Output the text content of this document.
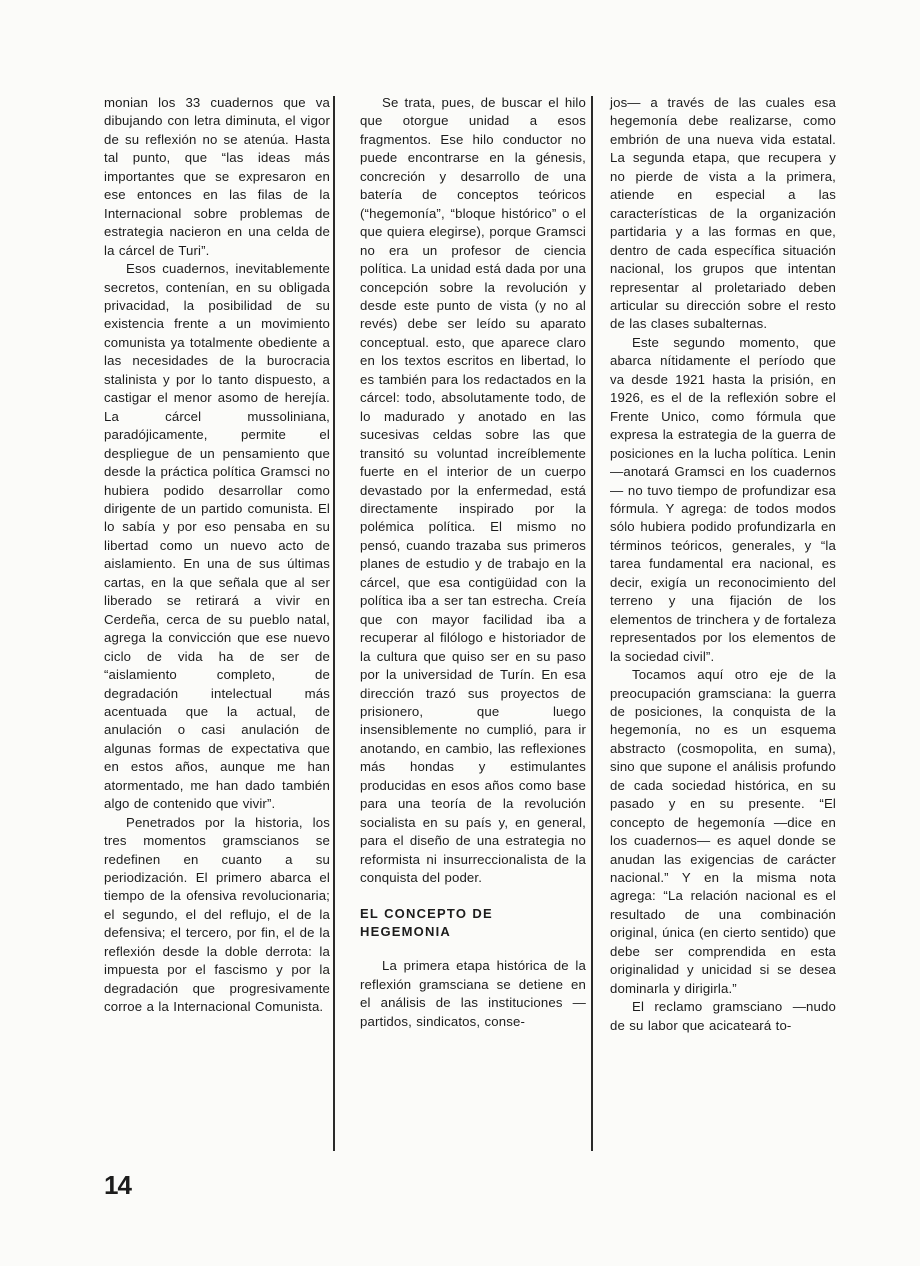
monian los 33 cuadernos que va dibujando con letra diminuta, el vigor de su reflexión no se atenúa. Hasta tal punto, que “las ideas más importantes que se expresaron en ese entonces en las filas de la Internacional sobre problemas de estrategia nacieron en una celda de la cárcel de Turi”.

Esos cuadernos, inevitablemente secretos, contenían, en su obligada privacidad, la posibilidad de su existencia frente a un movimiento comunista ya totalmente obediente a las necesidades de la burocracia stalinista y por lo tanto dispuesto, a castigar el menor asomo de herejía. La cárcel mussoliniana, paradójicamente, permite el despliegue de un pensamiento que desde la práctica política Gramsci no hubiera podido desarrollar como dirigente de un partido comunista. El lo sabía y por eso pensaba en su libertad como un nuevo acto de aislamiento. En una de sus últimas cartas, en la que señala que al ser liberado se retirará a vivir en Cerdeña, cerca de su pueblo natal, agrega la convicción que ese nuevo ciclo de vida ha de ser de “aislamiento completo, de degradación intelectual más acentuada que la actual, de anulación o casi anulación de algunas formas de expectativa que en estos años, aunque me han atormentado, me han dado también algo de contenido que vivir”.

Penetrados por la historia, los tres momentos gramscianos se redefinen en cuanto a su periodización. El primero abarca el tiempo de la ofensiva revolucionaria; el segundo, el del reflujo, el de la defensiva; el tercero, por fin, el de la reflexión desde la doble derrota: la impuesta por el fascismo y por la degradación que progresivamente corroe a la Internacional Comunista.

Se trata, pues, de buscar el hilo que otorgue unidad a esos fragmentos. Ese hilo conductor no puede encontrarse en la génesis, concreción y desarrollo de una batería de conceptos teóricos (“hegemonía”, “bloque histórico” o el que quiera elegirse), porque Gramsci no era un profesor de ciencia política. La unidad está dada por una concepción sobre la revolución y desde este punto de vista (y no al revés) debe ser leído su aparato conceptual. esto, que aparece claro en los textos escritos en libertad, lo es también para los redactados en la cárcel: todo, absolutamente todo, de lo madurado y anotado en las sucesivas celdas sobre las que transitó su voluntad increíblemente fuerte en el interior de un cuerpo devastado por la enfermedad, está directamente inspirado por la polémica política. El mismo no pensó, cuando trazaba sus primeros planes de estudio y de trabajo en la cárcel, que esa contigüidad con la política iba a ser tan estrecha. Creía que con mayor facilidad iba a recuperar al filólogo e historiador de la cultura que quiso ser en su paso por la universidad de Turín. En esa dirección trazó sus proyectos de prisionero, que luego insensiblemente no cumplió, para ir anotando, en cambio, las reflexiones más hondas y estimulantes producidas en esos años como base para una teoría de la revolución socialista en su país y, en general, para el diseño de una estrategia no reformista ni insurreccionalista de la conquista del poder.

EL CONCEPTO DE HEGEMONIA

La primera etapa histórica de la reflexión gramsciana se detiene en el análisis de las instituciones —partidos, sindicatos, conse-

jos— a través de las cuales esa hegemonía debe realizarse, como embrión de una nueva vida estatal. La segunda etapa, que recupera y no pierde de vista a la primera, atiende en especial a las características de la organización partidaria y a las formas en que, dentro de cada específica situación nacional, los grupos que intentan representar al proletariado deben articular su dirección sobre el resto de las clases subalternas.

Este segundo momento, que abarca nítidamente el período que va desde 1921 hasta la prisión, en 1926, es el de la reflexión sobre el Frente Unico, como fórmula que expresa la estrategia de la guerra de posiciones en la lucha política. Lenin —anotará Gramsci en los cuadernos— no tuvo tiempo de profundizar esa fórmula. Y agrega: de todos modos sólo hubiera podido profundizarla en términos teóricos, generales, y “la tarea fundamental era nacional, es decir, exigía un reconocimiento del terreno y una fijación de los elementos de trinchera y de fortaleza representados por los elementos de la sociedad civil”.

Tocamos aquí otro eje de la preocupación gramsciana: la guerra de posiciones, la conquista de la hegemonía, no es un esquema abstracto (cosmopolita, en suma), sino que supone el análisis profundo de cada sociedad histórica, en su pasado y en su presente. “El concepto de hegemonía —dice en los cuadernos— es aquel donde se anudan las exigencias de carácter nacional.” Y en la misma nota agrega: “La relación nacional es el resultado de una combinación original, única (en cierto sentido) que debe ser comprendida en esta originalidad y unicidad si se desea dominarla y dirigirla.”

El reclamo gramsciano —nudo de su labor que acicateará to-

14
